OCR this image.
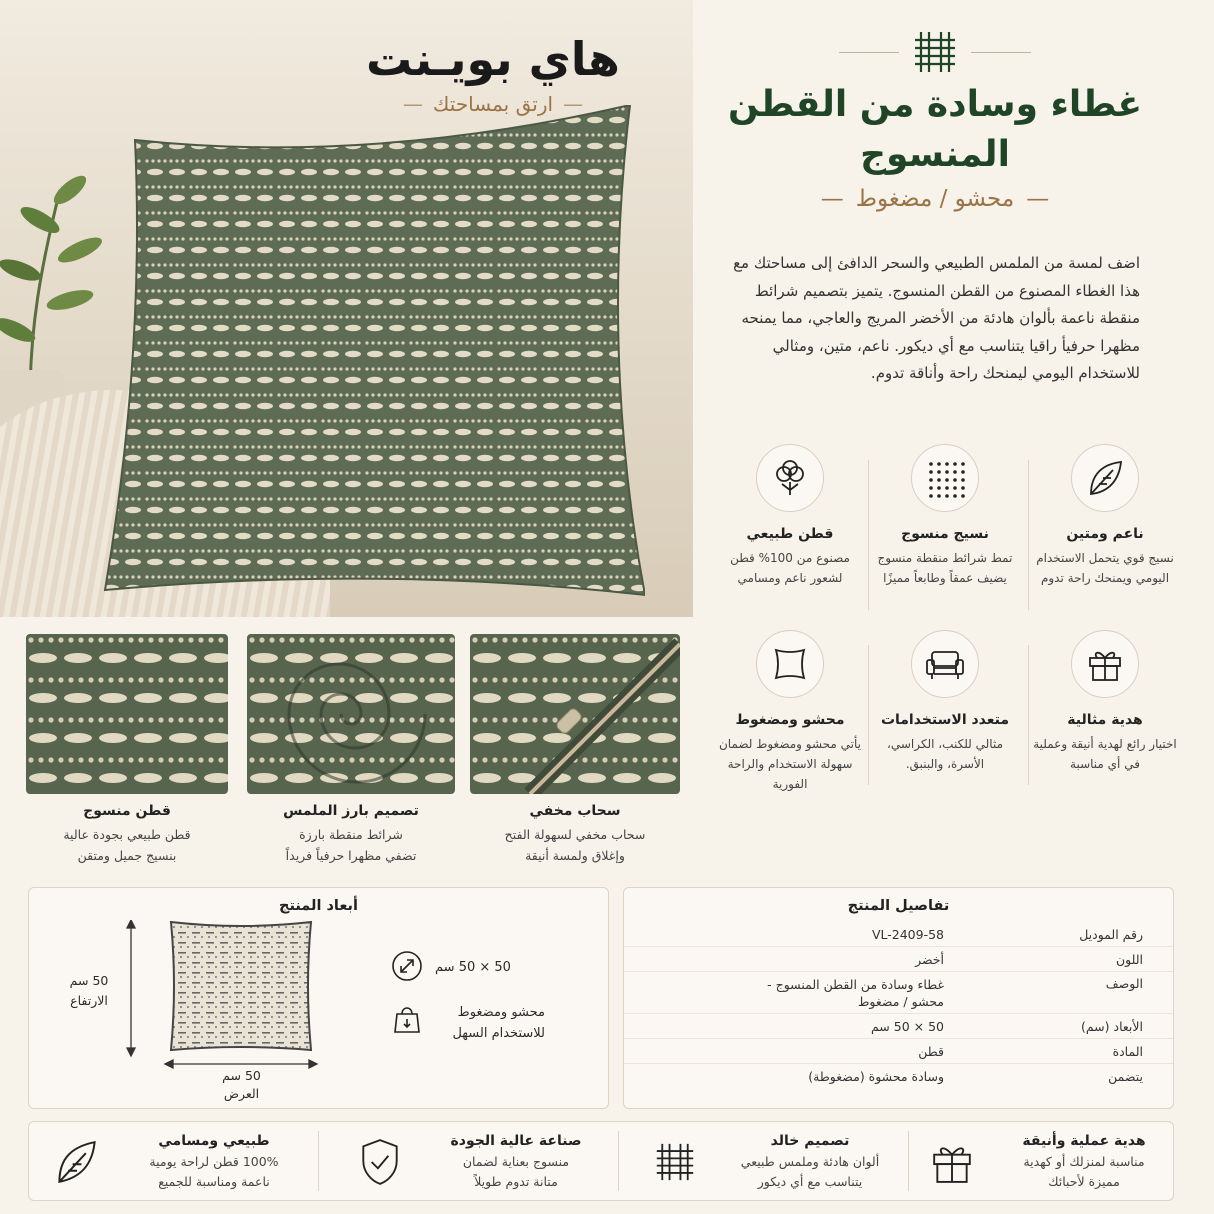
هاي بويـنت
— ارتق بمساحتك —	غطاء وسادة من القطن
المنسوج
— محشو / مضغوط —
اضف لمسة من الملمس الطبيعي والسحر الدافئ إلى مساحتك مع هذا الغطاء المصنوع من القطن المنسوج. يتميز بتصميم شرائط منقطة ناعمة بألوان هادئة من الأخضر المريج والعاجي، مما يمنحه مظهرا حرفيأ راقيا يتناسب مع أي ديكور. ناعم، متين، ومثالي للاستخدام اليومي ليمنحك راحة وأناقة تدوم.
قطن طبيعي
مصنوع من 100% قطن لشعور ناعم ومسامي
نسيج منسوج
تمط شرائط منقطة منسوج يضيف عمقاً وطابعاً مميزًا
ناعم ومتين
نسيج قوي يتحمل الاستخدام اليومي ويمنحك راحة تدوم
محشو ومضغوط
يأتي محشو ومضغوط لضمان سهولة الاستخدام والراحة الفورية
متعدد الاستخدامات
مثالي للكنب، الكراسي، الأسرة، والبنبق.
هدية مثالية
اختيار رائع لهدية أنيقة وعملية في أي مناسبة
قطن منسوج
قطن طبيعي بجودة عالية
بنسيج جميل ومتقن
تصميم بارز الملمس
شرائط منقطة بارزة
تضفي مظهرا حرفياً فريداً
سحاب مخفي
سحاب مخفي لسهولة الفتح
وإغلاق ولمسة أنيقة
أبعاد المنتج
50 سم
الارتفاع
50 سم
العرض
50 × 50 سم
محشو ومضغوط
للاستخدام السهل
تفاصيل المنتج
VL-2409-58	رقم الموديل
أخضر	اللون
غطاء وسادة من القطن المنسوج - محشو / مضغوط
الوصف
50 × 50 سم	الأبعاد (سم)
قطن	المادة
وسادة محشوة (مضغوطة)	يتضمن
طبيعي ومسامي
100% قطن لراحة يومية
ناعمة ومناسبة للجميع
صناعة عالية الجودة
منسوج بعناية لضمان
متانة تدوم طويلاً
تصميم خالد
ألوان هادئة وملمس طبيعي
يتناسب مع أي ديكور
هدية عملية وأنيقة
مناسبة لمنزلك أو كهدية
مميزة لأحبائك
